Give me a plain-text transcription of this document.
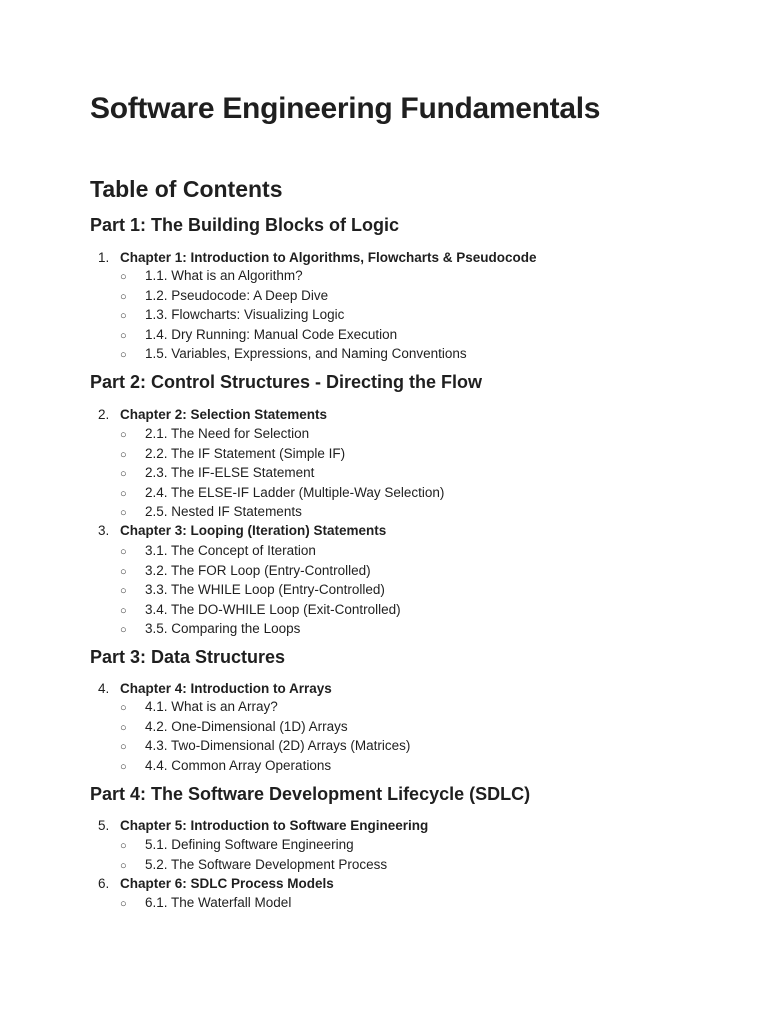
Software Engineering Fundamentals
Table of Contents
Part 1: The Building Blocks of Logic
1. Chapter 1: Introduction to Algorithms, Flowcharts & Pseudocode
○ 1.1. What is an Algorithm?
○ 1.2. Pseudocode: A Deep Dive
○ 1.3. Flowcharts: Visualizing Logic
○ 1.4. Dry Running: Manual Code Execution
○ 1.5. Variables, Expressions, and Naming Conventions
Part 2: Control Structures - Directing the Flow
2. Chapter 2: Selection Statements
○ 2.1. The Need for Selection
○ 2.2. The IF Statement (Simple IF)
○ 2.3. The IF-ELSE Statement
○ 2.4. The ELSE-IF Ladder (Multiple-Way Selection)
○ 2.5. Nested IF Statements
3. Chapter 3: Looping (Iteration) Statements
○ 3.1. The Concept of Iteration
○ 3.2. The FOR Loop (Entry-Controlled)
○ 3.3. The WHILE Loop (Entry-Controlled)
○ 3.4. The DO-WHILE Loop (Exit-Controlled)
○ 3.5. Comparing the Loops
Part 3: Data Structures
4. Chapter 4: Introduction to Arrays
○ 4.1. What is an Array?
○ 4.2. One-Dimensional (1D) Arrays
○ 4.3. Two-Dimensional (2D) Arrays (Matrices)
○ 4.4. Common Array Operations
Part 4: The Software Development Lifecycle (SDLC)
5. Chapter 5: Introduction to Software Engineering
○ 5.1. Defining Software Engineering
○ 5.2. The Software Development Process
6. Chapter 6: SDLC Process Models
○ 6.1. The Waterfall Model
